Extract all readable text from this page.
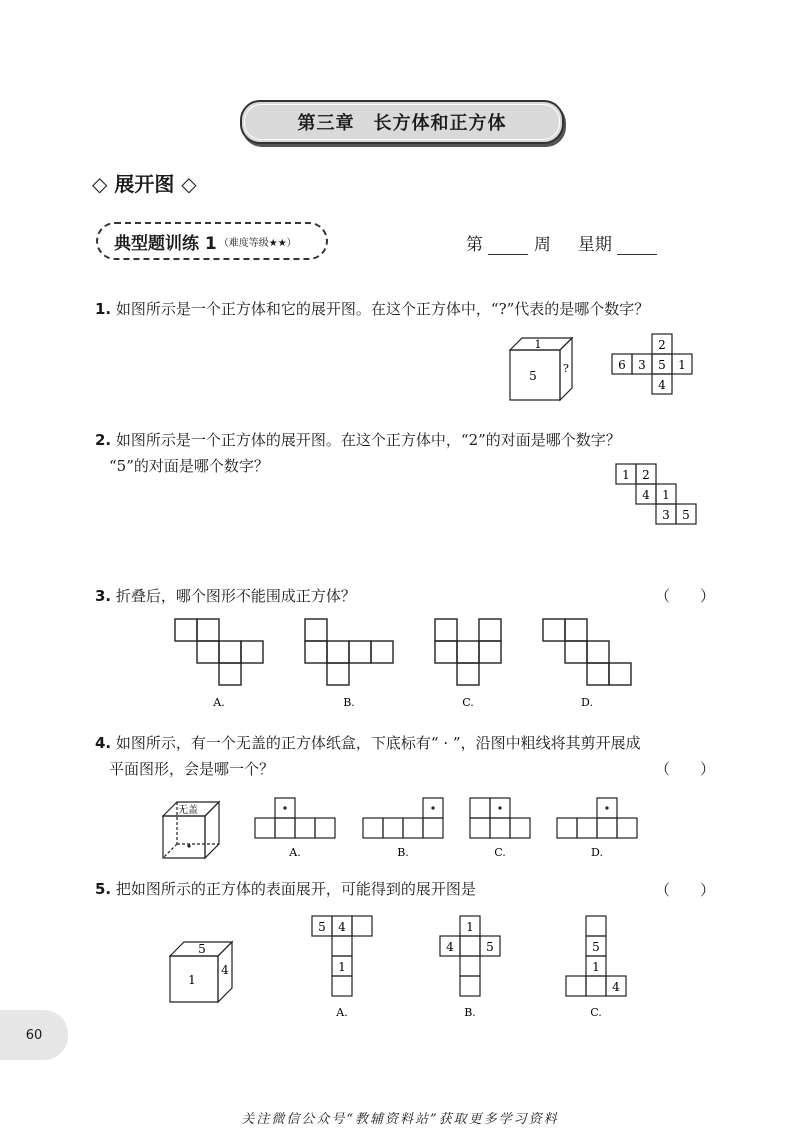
第三章　长方体和正方体
◇ 展开图 ◇
典型题训练 1 （难度等级★★）	第	周 星期
1. 如图所示是一个正方体和它的展开图。在这个正方体中，“?”代表的是哪个数字？
1
5
?
2
6 3 5 1
4
2. 如图所示是一个正方体的展开图。在这个正方体中，“2”的对面是哪个数字？
“5”的对面是哪个数字？	1 2
4 1
3 5
3. 折叠后，哪个图形不能围成正方体？	（　　）
A.	B.	C.	D.
4. 如图所示，有一个无盖的正方体纸盒，下底标有“ · ”，沿图中粗线将其剪开展成
平面图形，会是哪一个？	（　　）
无盖
A.	B.	C.	D.
5. 把如图所示的正方体的表面展开，可能得到的展开图是	（　　）
5
1
4
5 4
1
1
4	5	5
1
4
A.	B.	C.
60
关注微信公众号“教辅资料站”获取更多学习资料
